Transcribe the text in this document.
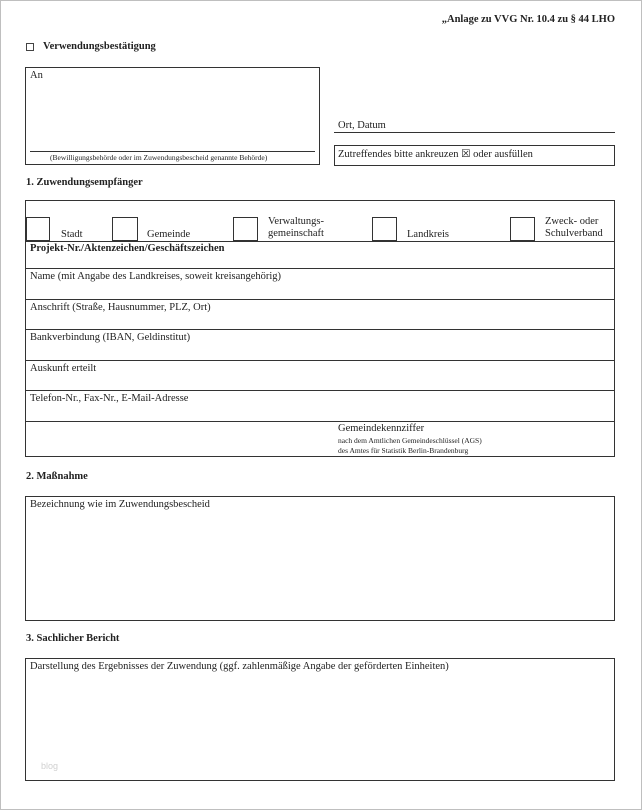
„Anlage zu VVG Nr. 10.4 zu § 44 LHO
Verwendungsbestätigung
An
(Bewilligungsbehörde oder im Zuwendungsbescheid genannte Behörde)
Ort, Datum
Zutreffendes bitte ankreuzen ☒ oder ausfüllen
1. Zuwendungsempfänger
Stadt	Gemeinde
Verwaltungs-
gemeinschaft	Landkreis
Zweck- oder
Schulverband
Projekt-Nr./Aktenzeichen/Geschäftszeichen
Name (mit Angabe des Landkreises, soweit kreisangehörig)
Anschrift (Straße, Hausnummer, PLZ, Ort)
Bankverbindung (IBAN, Geldinstitut)
Auskunft erteilt
Telefon-Nr., Fax-Nr., E-Mail-Adresse
Gemeindekennziffer
nach dem Amtlichen Gemeindeschlüssel (AGS)
des Amtes für Statistik Berlin-Brandenburg
2. Maßnahme
Bezeichnung wie im Zuwendungsbescheid
3. Sachlicher Bericht
Darstellung des Ergebnisses der Zuwendung (ggf. zahlenmäßige Angabe der geförderten Einheiten)
blog
